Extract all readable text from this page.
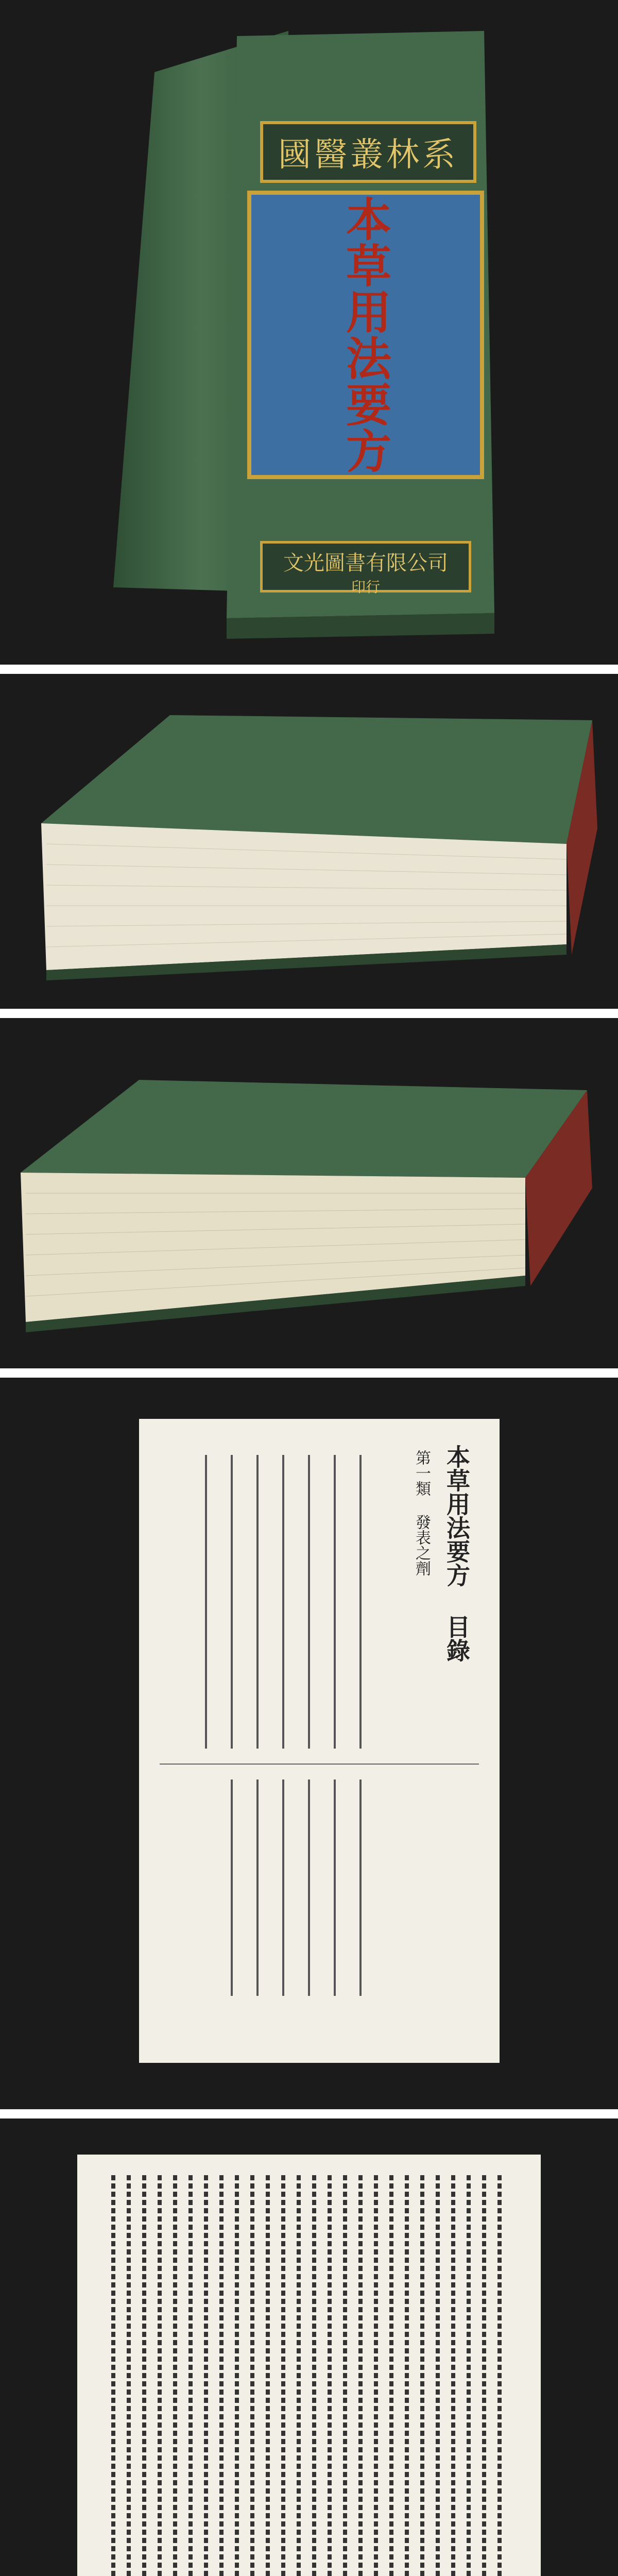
國醫叢林系
本草用法要方
文光圖書有限公司
印行
本草用法要方 目錄
第一類 發表之劑
